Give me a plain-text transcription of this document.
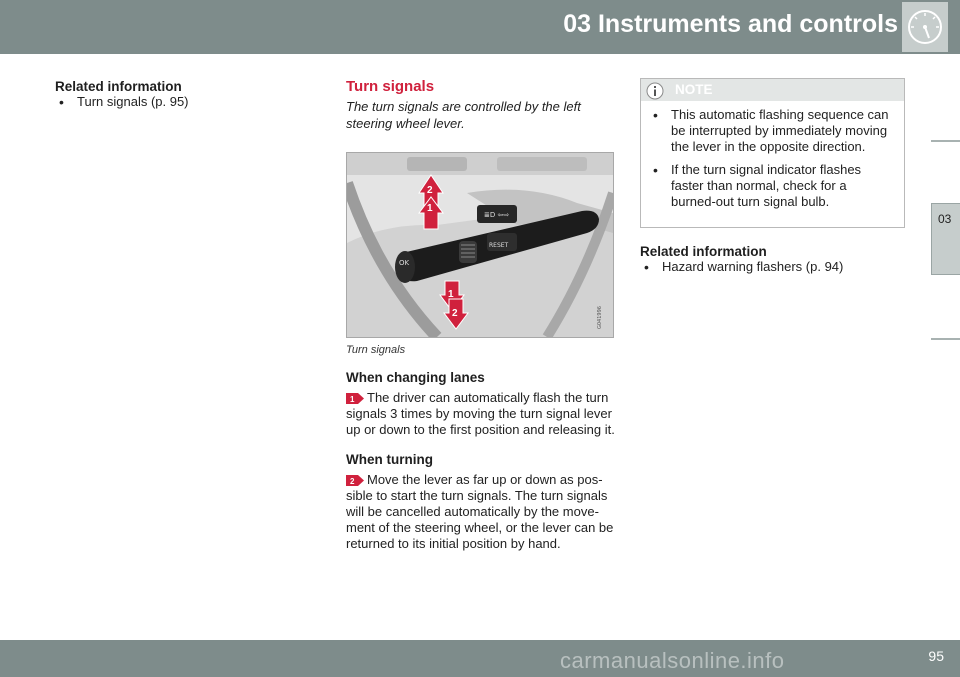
03 Instruments and controls
03
Related information
• Turn signals (p. 95)
Turn signals
The turn signals are controlled by the left steering wheel lever.
≣D ⇦⇨
RESET
OK
2
1
1
2	G041996
Turn signals
When changing lanes
1 The driver can automatically flash the turn signals 3 times by moving the turn signal lever up or down to the first position and releasing it.
When turning
2 Move the lever as far up or down as pos-sible to start the turn signals. The turn signals will be cancelled automatically by the move-ment of the steering wheel, or the lever can be returned to its initial position by hand.
NOTE
• This automatic flashing sequence can be interrupted by immediately moving the lever in the opposite direction.
• If the turn signal indicator flashes faster than normal, check for a burned-out turn signal bulb.
Related information
• Hazard warning flashers (p. 94)
95
carmanualsonline.info
